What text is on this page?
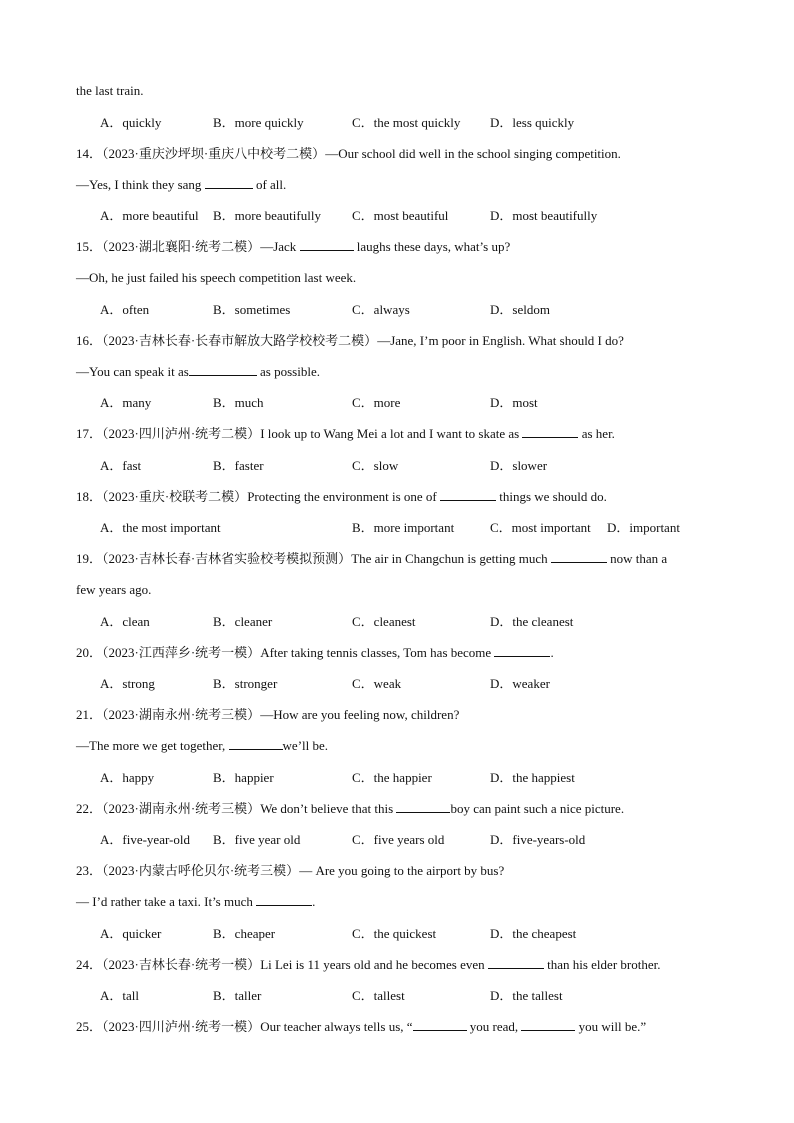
the last train.
A．quickly	B．more quickly	C．the most quickly D．less quickly
14．（2023·重庆沙坪坝·重庆八中校考二模）—Our school did well in the school singing competition.
—Yes, I think they sang	of all.
A．more beautiful B．more beautifully C．most beautiful	D．most beautifully
15．（2023·湖北襄阳·统考二模）—Jack	laughs these days, what’s up?
—Oh, he just failed his speech competition last week.
A．often	B．sometimes	C．always	D．seldom
16．（2023·吉林长春·长春市解放大路学校校考二模）—Jane, I’m poor in English. What should I do?
—You can speak it as	as possible.
A．many	B．much	C．more	D．most
17．（2023·四川泸州·统考二模）I look up to Wang Mei a lot and I want to skate as	as her.
A．fast	B．faster	C．slow	D．slower
18．（2023·重庆·校联考二模）Protecting the environment is one of	things we should do.
A．the most important	B．more important	C．most important D．important
19．（2023·吉林长春·吉林省实验校考模拟预测）The air in Changchun is getting much	now than a
few years ago.
A．clean	B．cleaner	C．cleanest	D．the cleanest
20．（2023·江西萍乡·统考一模）After taking tennis classes, Tom has become	.
A．strong	B．stronger	C．weak	D．weaker
21．（2023·湖南永州·统考三模）—How are you feeling now, children?
—The more we get together,	we’ll be.
A．happy	B．happier	C．the happier	D．the happiest
22．（2023·湖南永州·统考三模）We don’t believe that this	boy can paint such a nice picture.
A．five-year-old B．five year old	C．five years old	D．five-years-old
23．（2023·内蒙古呼伦贝尔·统考三模）— Are you going to the airport by bus?
— I’d rather take a taxi. It’s much	.
A．quicker	B．cheaper	C．the quickest	D．the cheapest
24．（2023·吉林长春·统考一模）Li Lei is 11 years old and he becomes even	than his elder brother.
A．tall	B．taller	C．tallest	D．the tallest
25．（2023·四川泸州·统考一模）Our teacher always tells us, “	you read,	you will be.”
